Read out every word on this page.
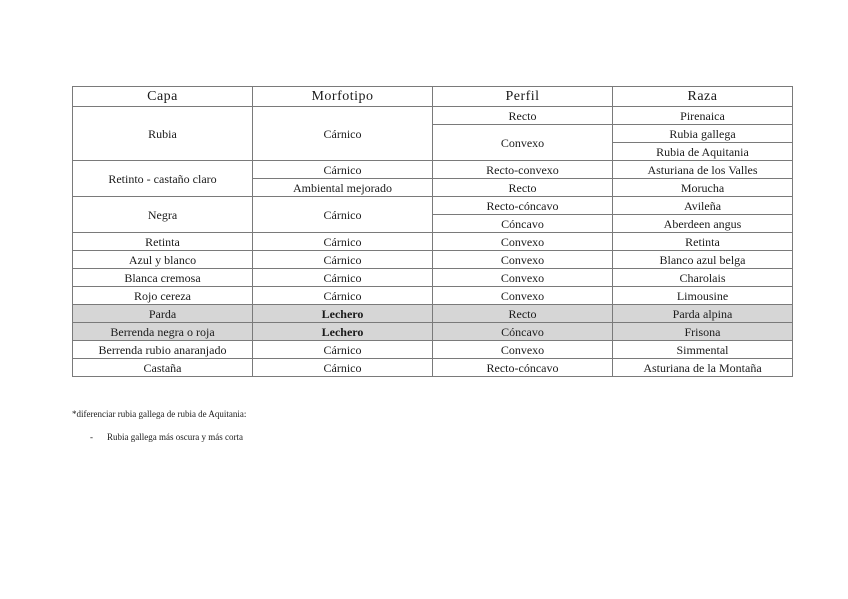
Capa	Morfotipo	Perfil	Raza
Rubia	Cárnico	Recto	Pirenaica
		Convexo	Rubia gallega
			Rubia de Aquitania
Retinto - castaño claro	Cárnico	Recto-convexo	Asturiana de los Valles
	Ambiental mejorado	Recto	Morucha
Negra	Cárnico	Recto-cóncavo	Avileña
		Cóncavo	Aberdeen angus
Retinta	Cárnico	Convexo	Retinta
Azul y blanco	Cárnico	Convexo	Blanco azul belga
Blanca cremosa	Cárnico	Convexo	Charolais
Rojo cereza	Cárnico	Convexo	Limousine
Parda	Lechero	Recto	Parda alpina
Berrenda negra o roja	Lechero	Cóncavo	Frisona
Berrenda rubio anaranjado	Cárnico	Convexo	Simmental
Castaña	Cárnico	Recto-cóncavo	Asturiana de la Montaña
*diferenciar rubia gallega de rubia de Aquitania:
- Rubia gallega más oscura y más corta
